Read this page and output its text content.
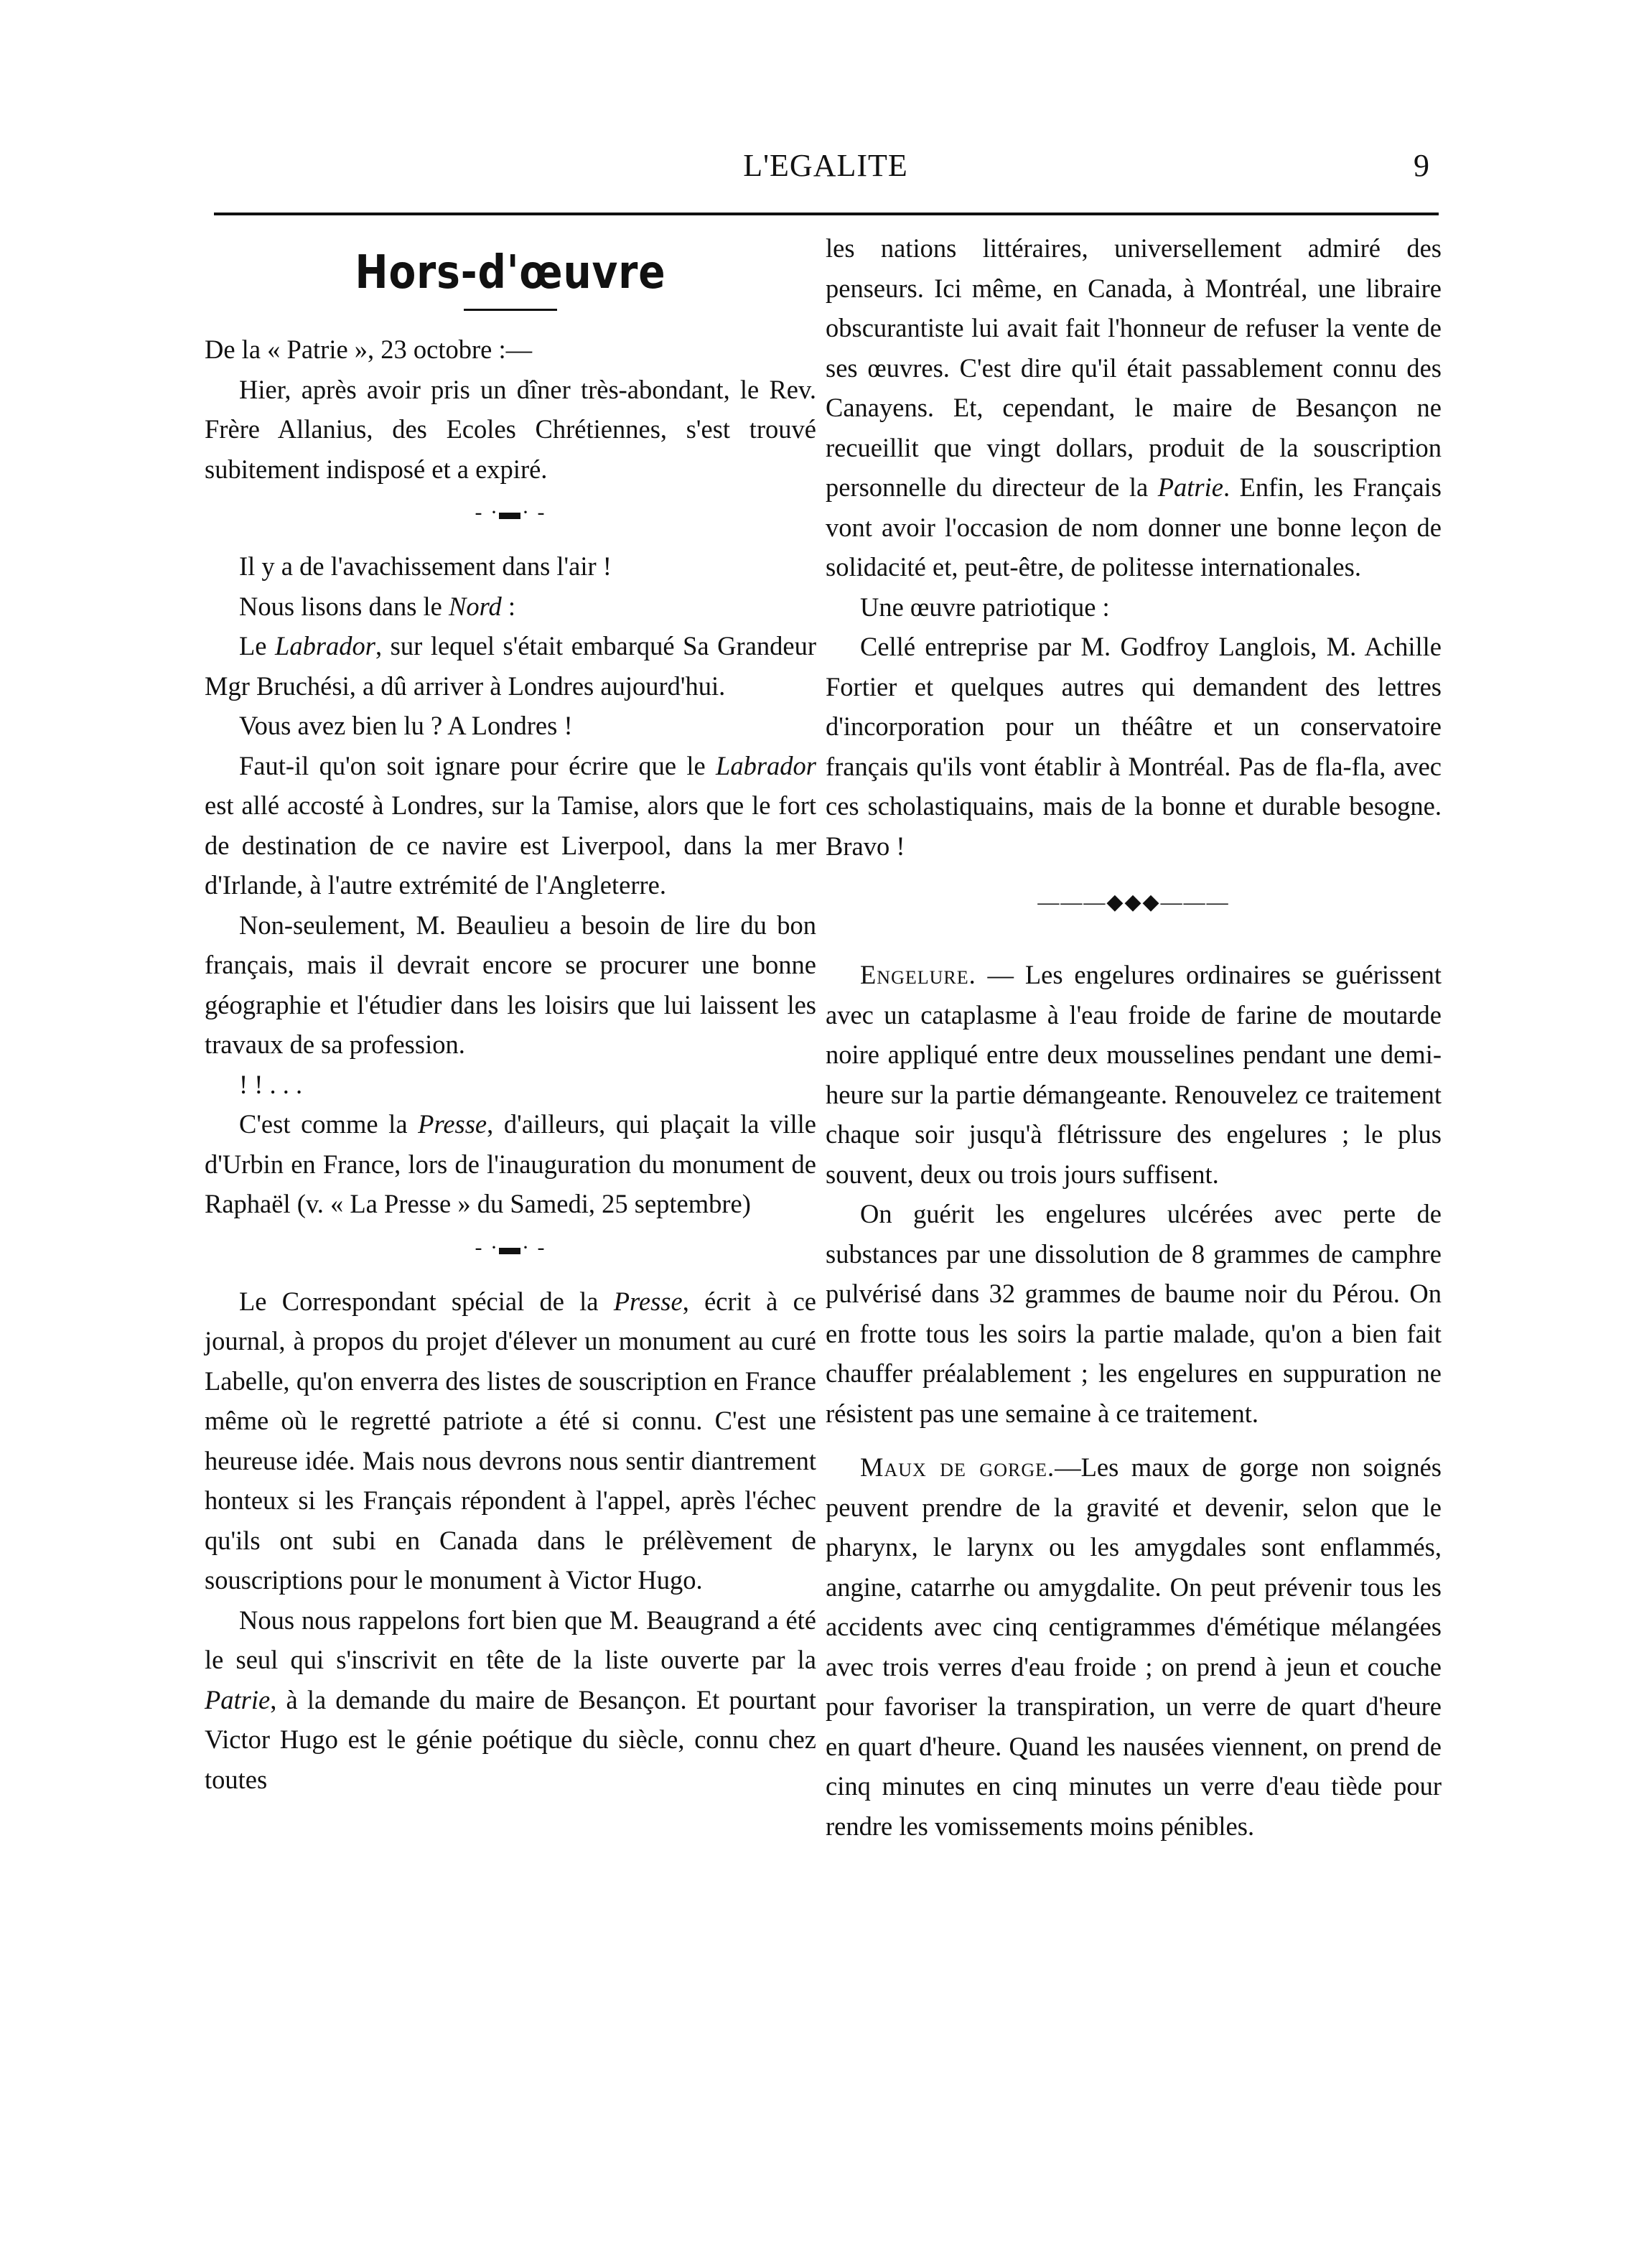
L'EGALITE	9
Hors-d'œuvre

De la « Patrie », 23 octobre :—

Hier, après avoir pris un dîner très-abondant, le Rev. Frère Allanius, des Ecoles Chrétiennes, s'est trouvé subitement indisposé et a expiré.

- ·▬· -

Il y a de l'avachissement dans l'air !

Nous lisons dans le Nord :

Le Labrador, sur lequel s'était embarqué Sa Grandeur Mgr Bruchési, a dû arriver à Londres aujourd'hui.

Vous avez bien lu ? A Londres !

Faut-il qu'on soit ignare pour écrire que le Labrador est allé accosté à Londres, sur la Tamise, alors que le fort de destination de ce navire est Liverpool, dans la mer d'Irlande, à l'autre extrémité de l'Angleterre.

Non-seulement, M. Beaulieu a besoin de lire du bon français, mais il devrait encore se procurer une bonne géographie et l'étudier dans les loisirs que lui laissent les travaux de sa profession.

! ! . . .

C'est comme la Presse, d'ailleurs, qui plaçait la ville d'Urbin en France, lors de l'inauguration du monument de Raphaël (v. « La Presse » du Samedi, 25 septembre)

- ·▬· -

Le Correspondant spécial de la Presse, écrit à ce journal, à propos du projet d'élever un monument au curé Labelle, qu'on enverra des listes de souscription en France même où le regretté patriote a été si connu. C'est une heureuse idée. Mais nous devrons nous sentir diantrement honteux si les Français répondent à l'appel, après l'échec qu'ils ont subi en Canada dans le prélèvement de souscriptions pour le monument à Victor Hugo.

Nous nous rappelons fort bien que M. Beaugrand a été le seul qui s'inscrivit en tête de la liste ouverte par la Patrie, à la demande du maire de Besançon. Et pourtant Victor Hugo est le génie poétique du siècle, connu chez toutes

les nations littéraires, universellement admiré des penseurs. Ici même, en Canada, à Montréal, une libraire obscurantiste lui avait fait l'honneur de refuser la vente de ses œuvres. C'est dire qu'il était passablement connu des Canayens. Et, cependant, le maire de Besançon ne recueillit que vingt dollars, produit de la souscription personnelle du directeur de la Patrie. Enfin, les Français vont avoir l'occasion de nom donner une bonne leçon de solidacité et, peut-être, de politesse internationales.

Une œuvre patriotique :

Cellé entreprise par M. Godfroy Langlois, M. Achille Fortier et quelques autres qui demandent des lettres d'incorporation pour un théâtre et un conservatoire français qu'ils vont établir à Montréal. Pas de fla-fla, avec ces scholastiquains, mais de la bonne et durable besogne. Bravo !

———◆◆◆———

Engelure. — Les engelures ordinaires se guérissent avec un cataplasme à l'eau froide de farine de moutarde noire appliqué entre deux mousselines pendant une demi-heure sur la partie démangeante. Renouvelez ce traitement chaque soir jusqu'à flétrissure des engelures ; le plus souvent, deux ou trois jours suffisent.

On guérit les engelures ulcérées avec perte de substances par une dissolution de 8 grammes de camphre pulvérisé dans 32 grammes de baume noir du Pérou. On en frotte tous les soirs la partie malade, qu'on a bien fait chauffer préalablement ; les engelures en suppuration ne résistent pas une semaine à ce traitement.

Maux de gorge.—Les maux de gorge non soignés peuvent prendre de la gravité et devenir, selon que le pharynx, le larynx ou les amygdales sont enflammés, angine, catarrhe ou amygdalite. On peut prévenir tous les accidents avec cinq centigrammes d'émétique mélangées avec trois verres d'eau froide ; on prend à jeun et couche pour favoriser la transpiration, un verre de quart d'heure en quart d'heure. Quand les nausées viennent, on prend de cinq minutes en cinq minutes un verre d'eau tiède pour rendre les vomissements moins pénibles.
